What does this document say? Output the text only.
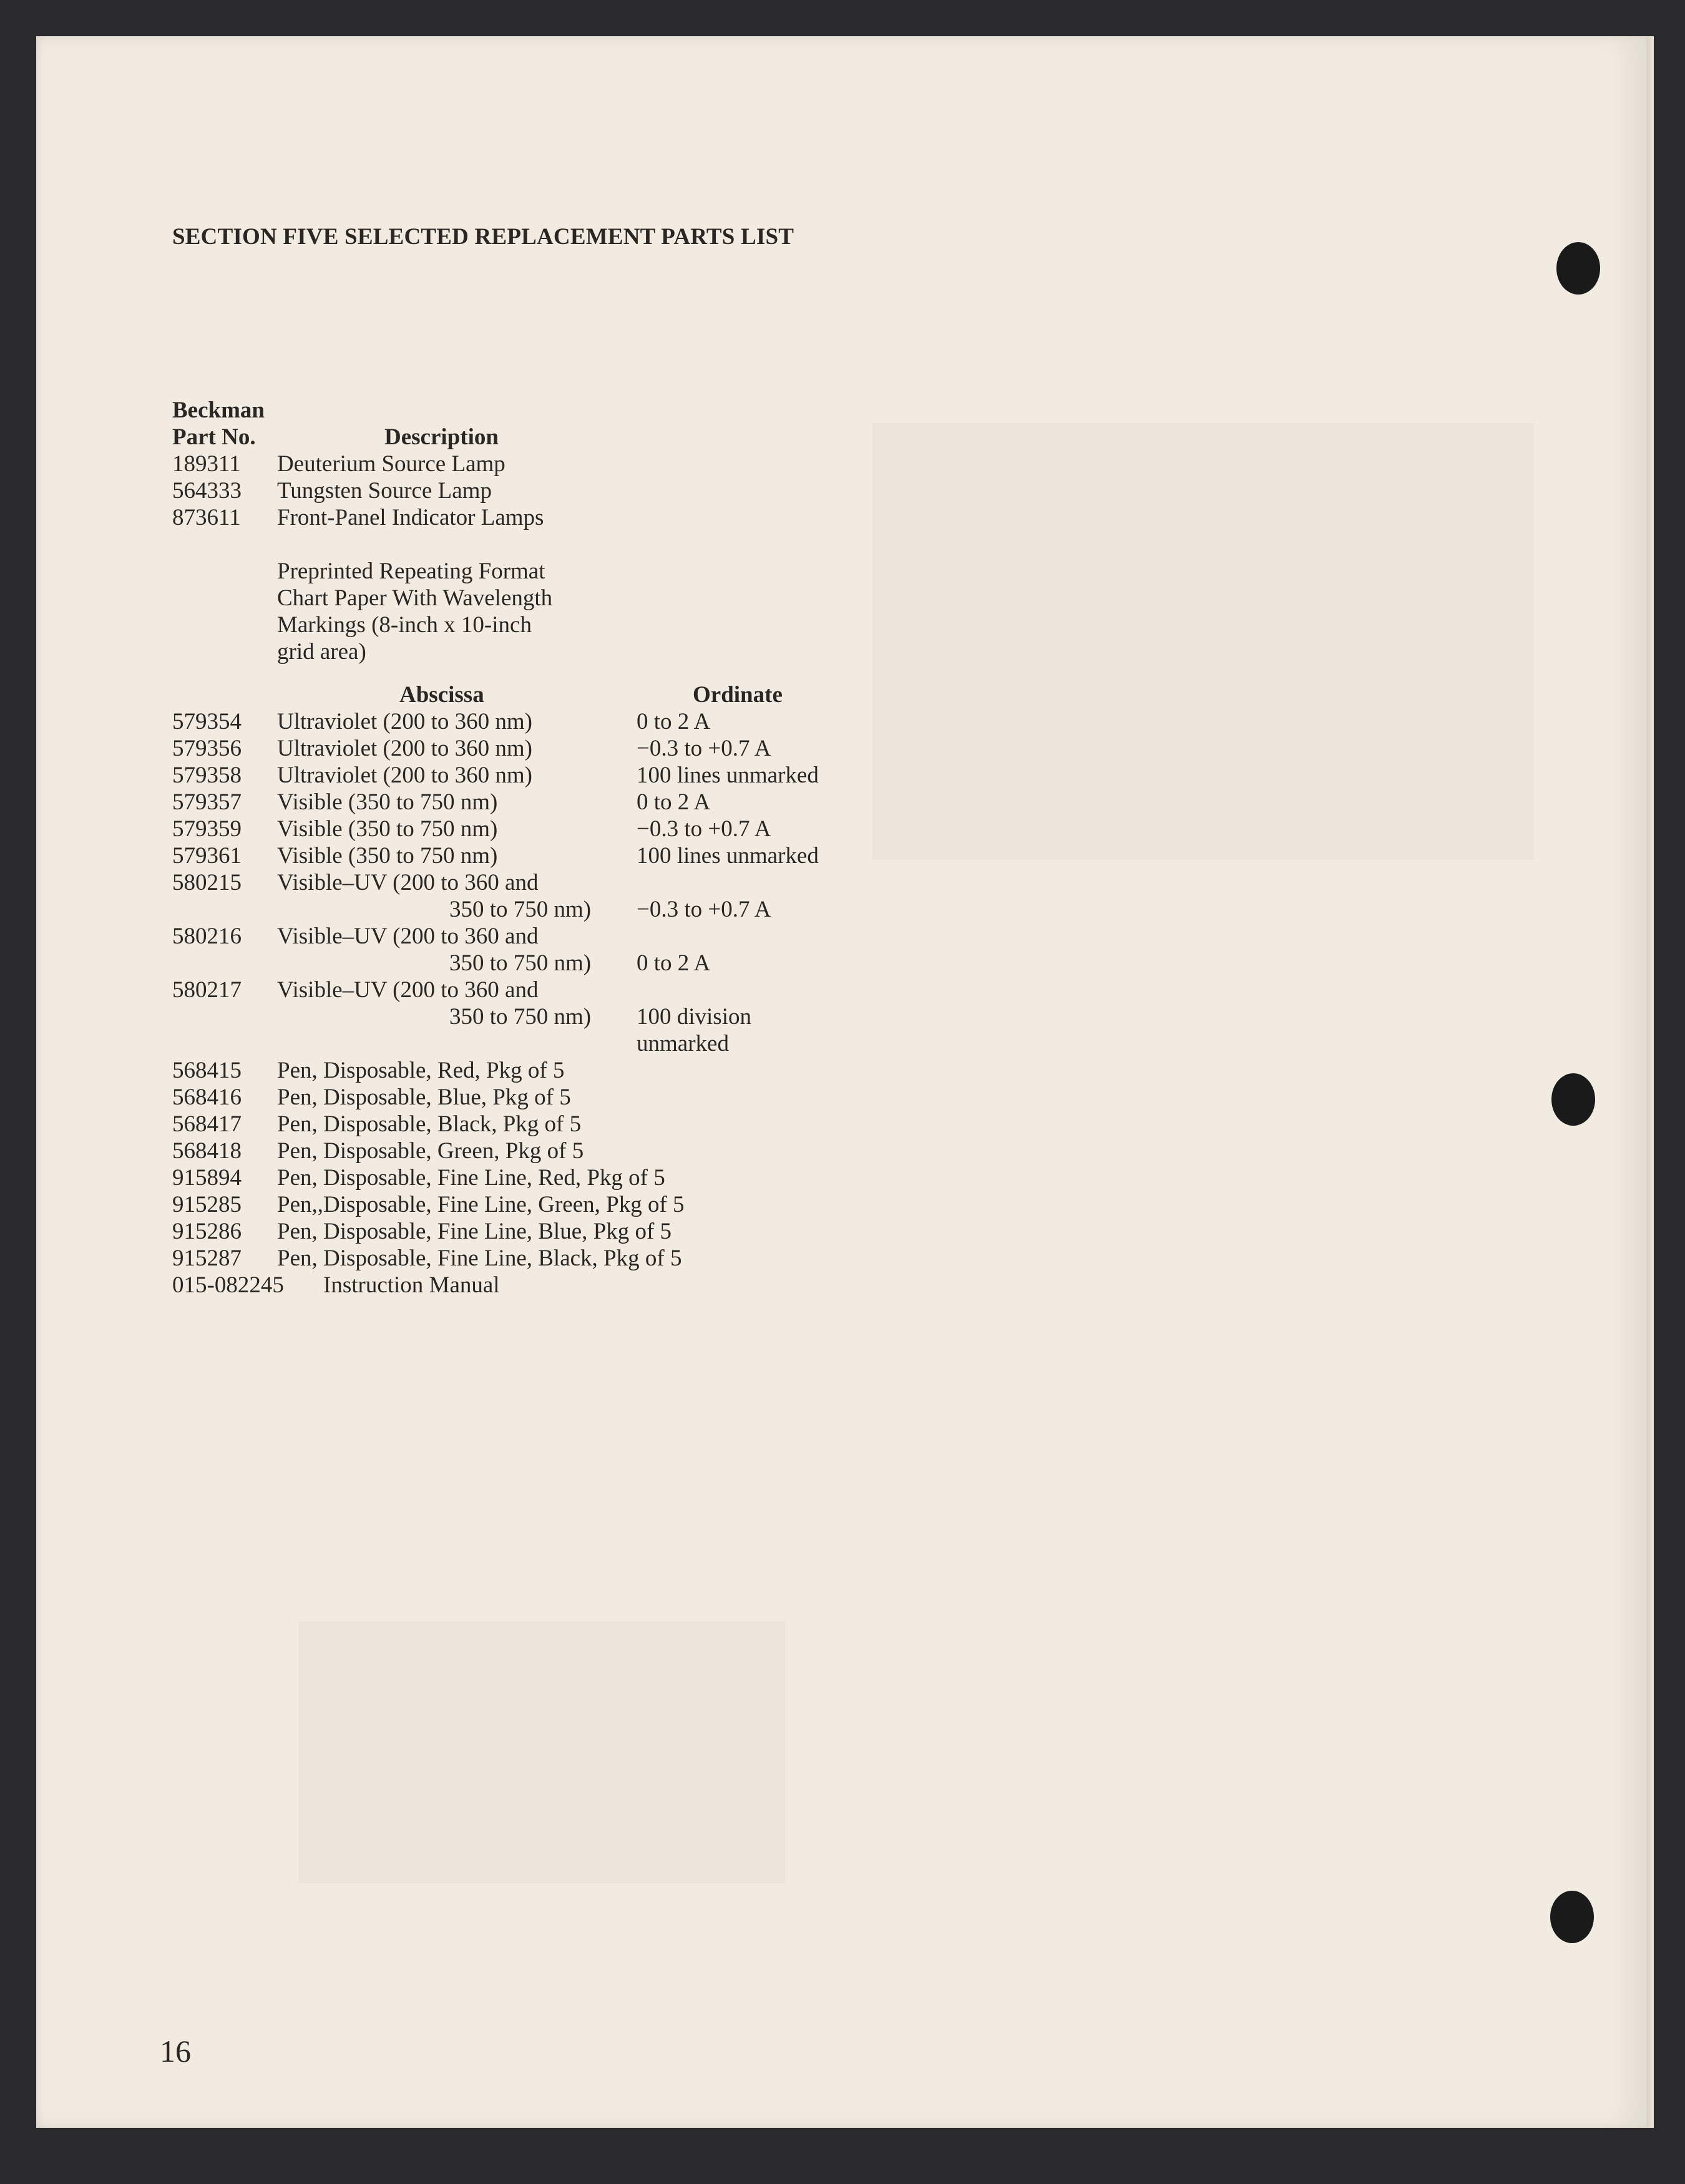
SECTION FIVE SELECTED REPLACEMENT PARTS LIST
Beckman
Part No.	Description
189311 Deuterium Source Lamp
564333 Tungsten Source Lamp
873611 Front-Panel Indicator Lamps
Preprinted Repeating Format
Chart Paper With Wavelength
Markings (8-inch x 10-inch
grid area)
Abscissa	Ordinate
579354 Ultraviolet (200 to 360 nm)	0 to 2 A
579356 Ultraviolet (200 to 360 nm)	−0.3 to +0.7 A
579358 Ultraviolet (200 to 360 nm)	100 lines unmarked
579357 Visible (350 to 750 nm)	0 to 2 A
579359 Visible (350 to 750 nm)	−0.3 to +0.7 A
579361 Visible (350 to 750 nm)	100 lines unmarked
580215 Visible–UV (200 to 360 and
350 to 750 nm) −0.3 to +0.7 A
580216 Visible–UV (200 to 360 and
350 to 750 nm) 0 to 2 A
580217 Visible–UV (200 to 360 and
350 to 750 nm) 100 division
unmarked
568415 Pen, Disposable, Red, Pkg of 5
568416 Pen, Disposable, Blue, Pkg of 5
568417 Pen, Disposable, Black, Pkg of 5
568418 Pen, Disposable, Green, Pkg of 5
915894 Pen, Disposable, Fine Line, Red, Pkg of 5
915285 Pen,,Disposable, Fine Line, Green, Pkg of 5
915286 Pen, Disposable, Fine Line, Blue, Pkg of 5
915287 Pen, Disposable, Fine Line, Black, Pkg of 5
015-082245 Instruction Manual
16
